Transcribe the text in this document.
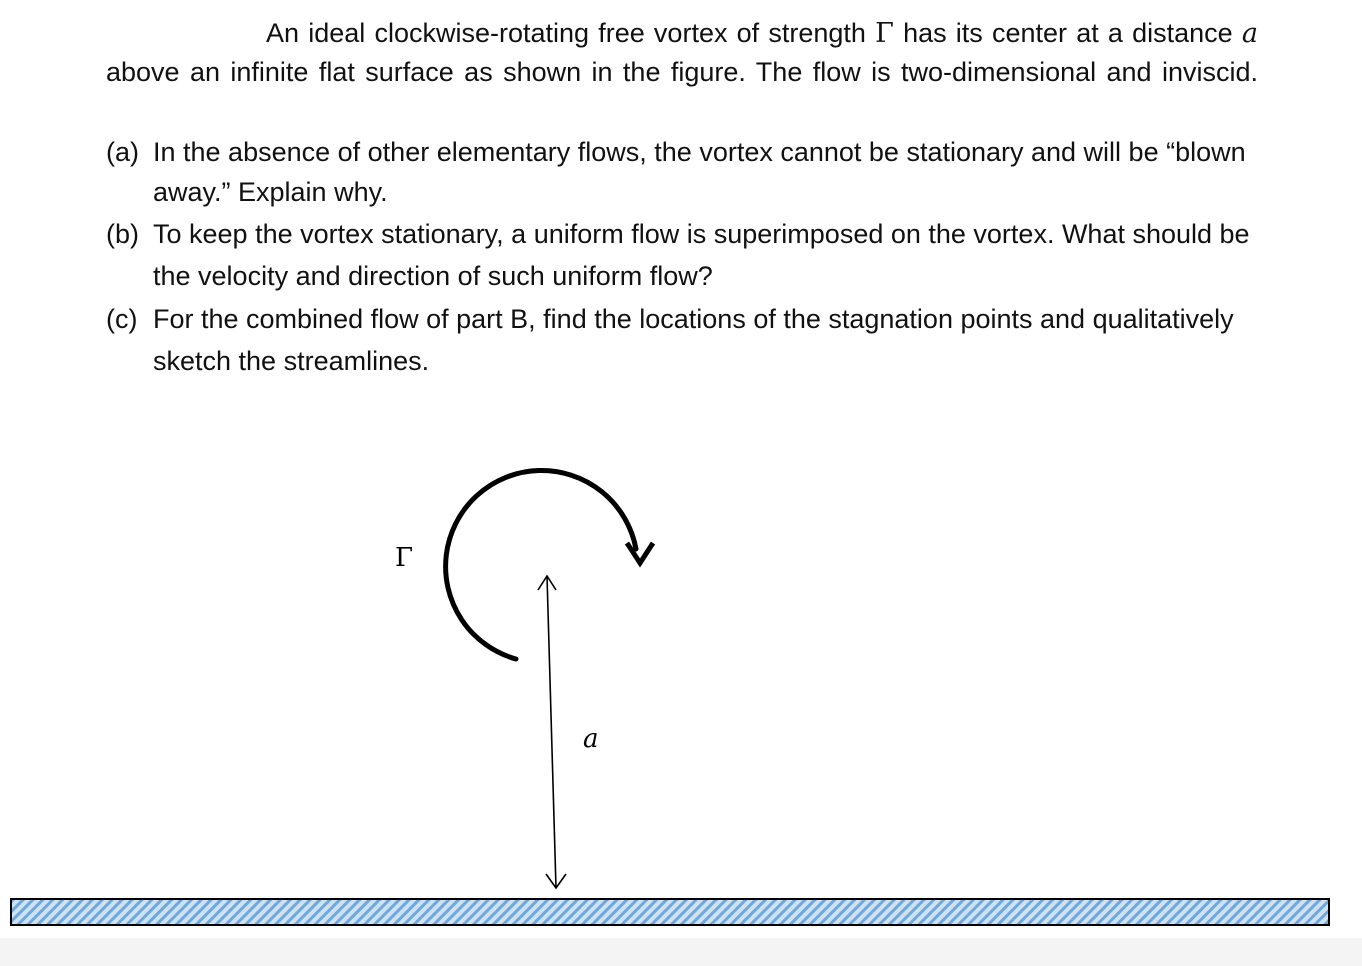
An ideal clockwise-rotating free vortex of strength Γ has its center at a distance a above an infinite flat surface as shown in the figure. The flow is two-dimensional and inviscid.

(a) In the absence of other elementary flows, the vortex cannot be stationary and will be “blown away.” Explain why.
(b) To keep the vortex stationary, a uniform flow is superimposed on the vortex. What should be the velocity and direction of such uniform flow?
(c) For the combined flow of part B, find the locations of the stagnation points and qualitatively sketch the streamlines.
Γ
a
